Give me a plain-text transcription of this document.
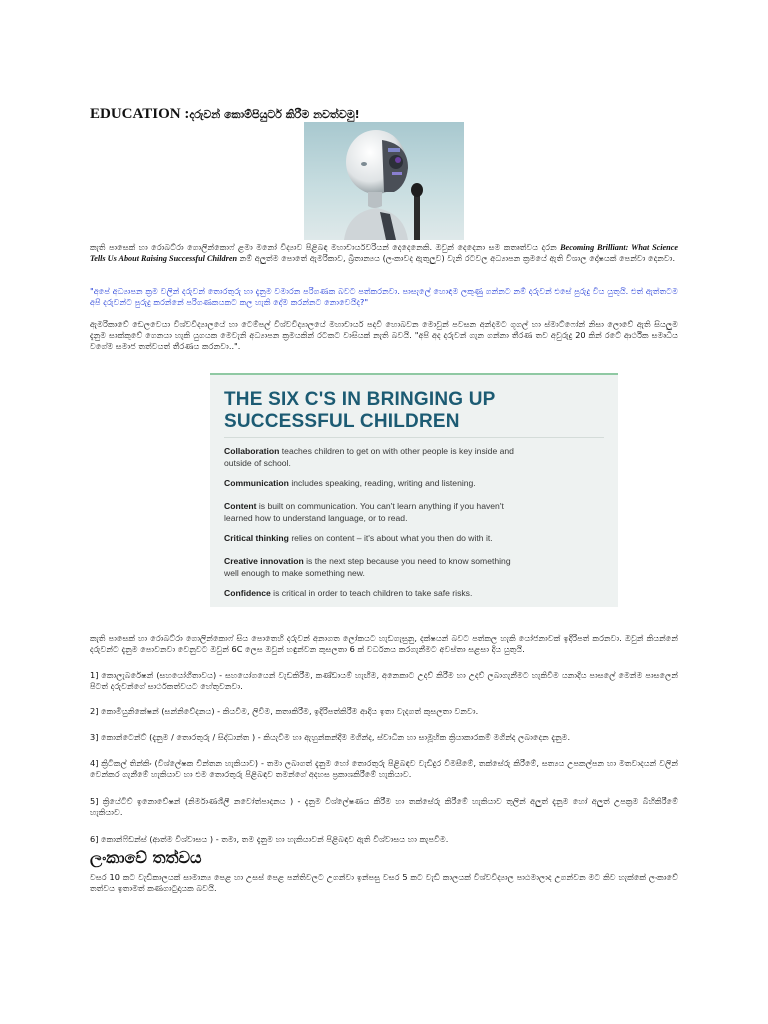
EDUCATION :දරුවන් කොම්පියුටර් කිරීම නවත්වමු!
කැති පාසෙක් හා රොබට්රා ගොලින්කොෆ් ළමා මනෝ විද්‍යාව පිළිබඳ මහාචාර්යවරියන් දෙදෙනෙකි. ඔවුන් දෙදෙනා සම කතෘත්වය දරන Becoming Brilliant: What Science Tells Us About Raising Successful Children නම් අලුත්ම පොතේ ඇමරිකාව, බ්‍රිතාන්‍යය (ලංකාවද ඇතුලුව) වැනි රටවල අධ්‍යාපන ක්‍රමයේ ඇති විශාල දෝෂයක් පෙන්වා දෙනවා.
"අපේ අධ්‍යාපන ක්‍රම වලින් දරුවන් තොරතුරු හා දැනුම වමාරන පරිගණක බවට පත්කරනවා. පාසැලේ හොඳම ලකුණු ගන්නට නම් දරුවන් එසේ පුරුදු විය යුතුයි. එත් ඇත්තටම අපි දරුවන්ට පුරුදු කරන්නේ පරිගණකයකට කල හැකි දේම කරන්නට නොවෙයිද?"
ඇමරිකාවේ ඩෙලවෙයා විශ්වවිද්‍යාලයේ හා ටෙම්පල් විශ්වවිද්‍යාලයේ මහාචාර්ය පදවි හොබවන මොවුන් පවසන අන්දමට ගූගල් හා ස්මාට්ෆෝන් නිසා ලොවේ ඇති සියලුම දැනුම සාක්කුවේ ගෙනයා හැකි යුගයක මෙවැනි අධ්‍යාපන ක්‍රමයකින් රටකට වාසියක් නැති බවයි. "අපි අද දරුවන් ගැන ගන්නා තීරණ තව අවුරුදු 20 කින් රටේ ආර්ථික සමෘධිය වගේම සමාජ තත්වයත් තීරණය කරනවා..".
THE SIX C'S IN BRINGING UP
SUCCESSFUL CHILDREN
Collaboration teaches children to get on with other people is key inside and
outside of school.
Communication includes speaking, reading, writing and listening.
Content is built on communication. You can't learn anything if you haven't
learned how to understand language, or to read.
Critical thinking relies on content – it's about what you then do with it.
Creative innovation is the next step because you need to know something
well enough to make something new.
Confidence is critical in order to teach children to take safe risks.
කැති පාසෙක් හා රොබට්රා ගොලින්කොෆ් සිය පොතෙහි දරුවන් අනාගත ලෝකයට හැඩගැසුනු, දක්ෂයන් බවට පත්කල හැකි යෝජනාවක් ඉදිරිපත් කරනවා. ඔවුන් කියන්නේ දරුවන්ට දැනුම පොවනවා වෙනුවට ඔවුන් 6C ලෙස ඔවුන් හඳුන්වන කුසලතා 6 ක් වර්ධනය කරගැනීමට අවස්තා සළසා දිය යුතුයි.
1] කොලැබරේෂන් (සහයෝගීතාවය) - සහයෝගයෙන් වැඩකිරීම, කණ්ඩායම් හැඟීම, අනෙකාට උදව් කිරීම හා උදව් ලබාගැනීමට හැකිවීම යනාදිය පාසලේ මෙන්ම පාසලෙන් පිටත් දරුවන්ගේ සාර්ථකත්වයට හේතුවනවා.
2] කොමියුනිකේෂන් (සන්නිවේදනය) - කියවීම, ලිවීම, කතාකිරීම, ඉදිරිපත්කිරීම ආදිය ඉතා වැදගත් කුසලතා වනවා.
3] කොන්ටෙන්ට් (දැනුම / තොරතුරු / සිද්ධාන්ත ) - කියැවීම හා ඇහුන්කන්දීම මගින්ද, ස්වාධීන හා සාමූහික ක්‍රියාකාරකම් මගින්ද ලබාදෙන දැනුම.
4] ක්‍රිටිකල් තින්කිං (විශ්ලේෂක චින්තන හැකියාව) - තමා ලබාගත් දැනුම හෝ තොරතුරු පිළිබඳව වැඩිදුර විමසීමේ, තක්සේරු කිරීමේ, සත්‍යය උපකල්පන හා මතවාදයන් වලින් වෙන්කර ගැනීමේ හැකියාව හා එම තොරතුරු පිළිබඳව තමන්ගේ අදහස ප්‍රකාශකිරීමේ හැකියාව.
5] ක්‍රියේටිව් ඉනොවේෂන් (නිර්මාණශීලී නවෝත්පාදනය ) - දැනුම විශ්ලේෂණය කිරීම හා තක්සේරු කිරීමේ හැකියාව තුලින් අලුත් දැනුම හෝ අලුත් උපක්‍රම බිහිකිරීමේ හැකියාව.
6] කොන්ෆිඩන්ස් (ආත්ම විශ්වාසය ) - තමා, තම දැනුම හා හැකියාවන් පිළිබඳව ඇති විශ්වාසය හා කැපවීම.
ලංකාවේ තත්වය
වසර 10 කට වැඩිකාලයක් සාමාන්‍ය පෙළ හා උසස් පෙළ පන්තිවලට උගන්වා ඉන්පසු වසර 5 කට වැඩි කාලයක් විශ්වවිද්‍යාල පාඨමාලාද උගන්වන මට කිව හැක්කේ ලංකාවේ තත්වය ඉතාමත් කණගාටුදායක බවයි.
